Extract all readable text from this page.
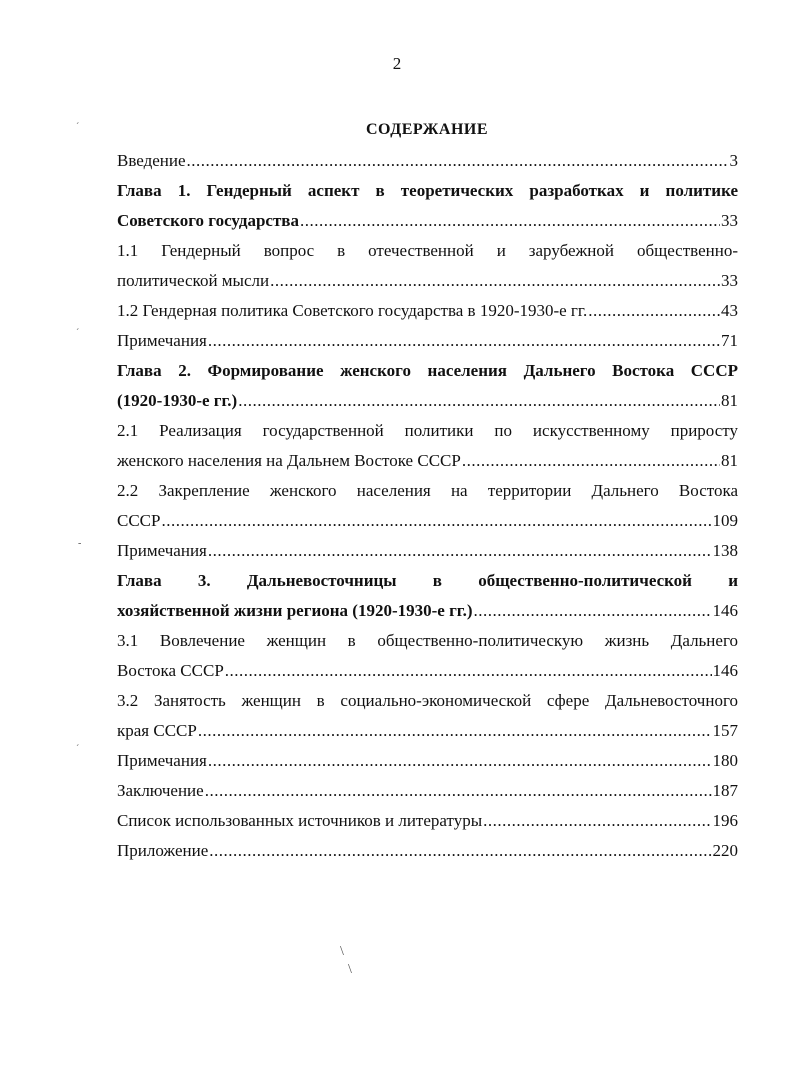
2
СОДЕРЖАНИЕ
Введение .....	3
Глава 1. Гендерный аспект в теоретических разработках и политике
Советского государства .....	33
1.1 Гендерный вопрос в отечественной и зарубежной общественно-
политической мысли .....	33
1.2 Гендерная политика Советского государства в 1920-1930-е гг. .....	43
Примечания .....	71
Глава 2. Формирование женского населения Дальнего Востока СССР
(1920-1930-е гг.) .....	81
2.1 Реализация государственной политики по искусственному приросту
женского населения на Дальнем Востоке СССР .....	81
2.2 Закрепление женского населения на территории Дальнего Востока
СССР .....	109
Примечания .....	138
Глава 3. Дальневосточницы в общественно-политической и
хозяйственной жизни региона (1920-1930-е гг.) .....	146
3.1 Вовлечение женщин в общественно-политическую жизнь Дальнего
Востока СССР .....	146
3.2 Занятость женщин в социально-экономической сфере Дальневосточного
края СССР .....	157
Примечания .....	180
Заключение .....	187
Список использованных источников и литературы .....	196
Приложение .....	220
ˊ
ˊ
-
ˊ
\
\
